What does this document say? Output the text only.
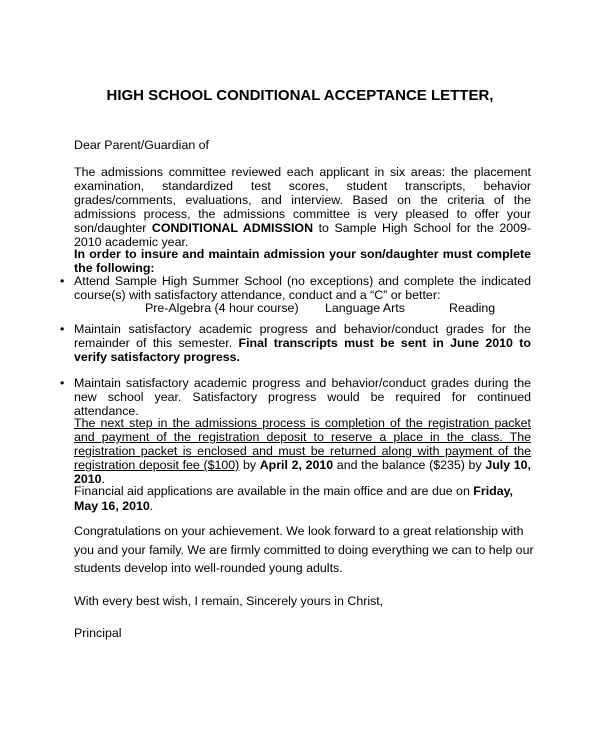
HIGH SCHOOL CONDITIONAL ACCEPTANCE LETTER,
Dear Parent/Guardian of
The admissions committee reviewed each applicant in six areas: the placement examination, standardized test scores, student transcripts, behavior grades/comments, evaluations, and interview. Based on the criteria of the admissions process, the admissions committee is very pleased to offer your son/daughter CONDITIONAL ADMISSION to Sample High School for the 2009-2010 academic year.
In order to insure and maintain admission your son/daughter must complete the following:
• Attend Sample High Summer School (no exceptions) and complete the indicated course(s) with satisfactory attendance, conduct and a “C” or better:
Pre-Algebra (4 hour course) Language Arts	Reading
• Maintain satisfactory academic progress and behavior/conduct grades for the remainder of this semester. Final transcripts must be sent in June 2010 to verify satisfactory progress.
• Maintain satisfactory academic progress and behavior/conduct grades during the new school year. Satisfactory progress would be required for continued attendance.
The next step in the admissions process is completion of the registration packet and payment of the registration deposit to reserve a place in the class. The registration packet is enclosed and must be returned along with payment of the registration deposit fee ($100) by April 2, 2010 and the balance ($235) by July 10, 2010.
Financial aid applications are available in the main office and are due on Friday, May 16, 2010.
Congratulations on your achievement. We look forward to a great relationship with you and your family. We are firmly committed to doing everything we can to help our students develop into well-rounded young adults.
With every best wish, I remain, Sincerely yours in Christ,
Principal
